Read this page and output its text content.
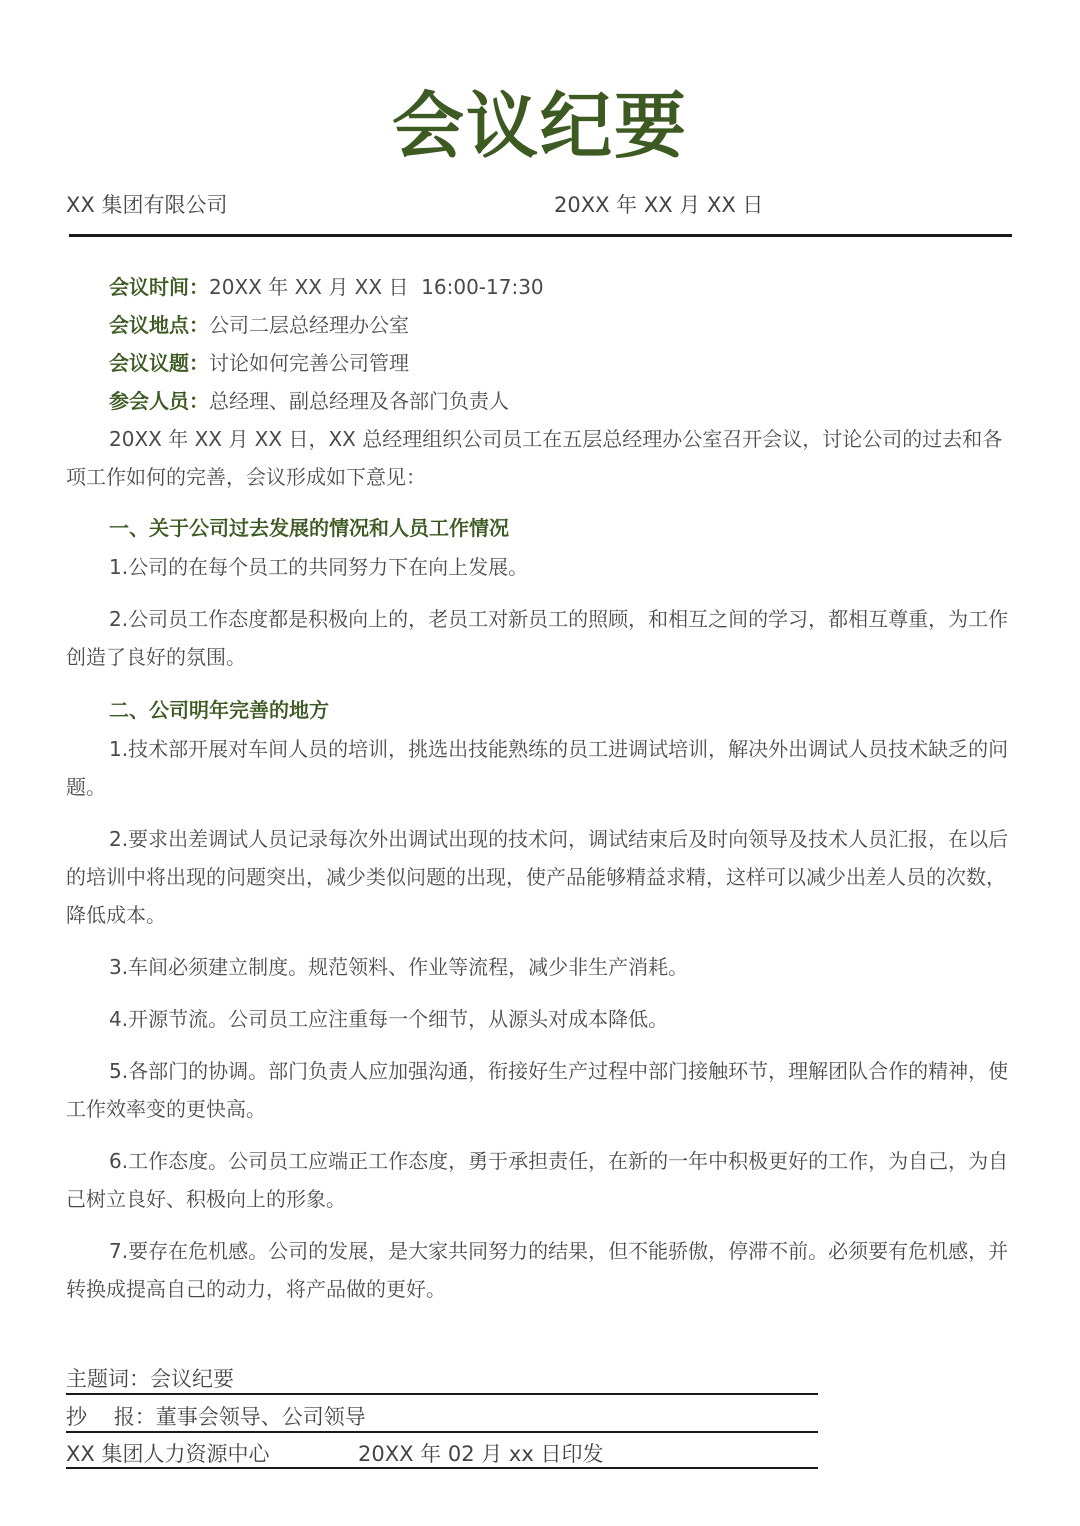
会议纪要
XX 集团有限公司	20XX 年 XX 月 XX 日
会议时间：20XX 年 XX 月 XX 日  16:00-17:30
会议地点：公司二层总经理办公室
会议议题：讨论如何完善公司管理
参会人员：总经理、副总经理及各部门负责人

20XX 年 XX 月 XX 日，XX 总经理组织公司员工在五层总经理办公室召开会议，讨论公司的过去和各项工作如何的完善，会议形成如下意见：

一、关于公司过去发展的情况和人员工作情况

1.公司的在每个员工的共同努力下在向上发展。

2.公司员工作态度都是积极向上的，老员工对新员工的照顾，和相互之间的学习，都相互尊重，为工作创造了良好的氛围。

二、公司明年完善的地方

1.技术部开展对车间人员的培训，挑选出技能熟练的员工进调试培训，解决外出调试人员技术缺乏的问题。

2.要求出差调试人员记录每次外出调试出现的技术问，调试结束后及时向领导及技术人员汇报，在以后的培训中将出现的问题突出，减少类似问题的出现，使产品能够精益求精，这样可以减少出差人员的次数，降低成本。

3.车间必须建立制度。规范领料、作业等流程，减少非生产消耗。

4.开源节流。公司员工应注重每一个细节，从源头对成本降低。

5.各部门的协调。部门负责人应加强沟通，衔接好生产过程中部门接触环节，理解团队合作的精神，使工作效率变的更快高。

6.工作态度。公司员工应端正工作态度，勇于承担责任，在新的一年中积极更好的工作，为自己，为自己树立良好、积极向上的形象。

7.要存在危机感。公司的发展，是大家共同努力的结果，但不能骄傲，停滞不前。必须要有危机感，并转换成提高自己的动力，将产品做的更好。

主题词：会议纪要
抄    报：董事会领导、公司领导
XX 集团人力资源中心	20XX 年 02 月 xx 日印发
